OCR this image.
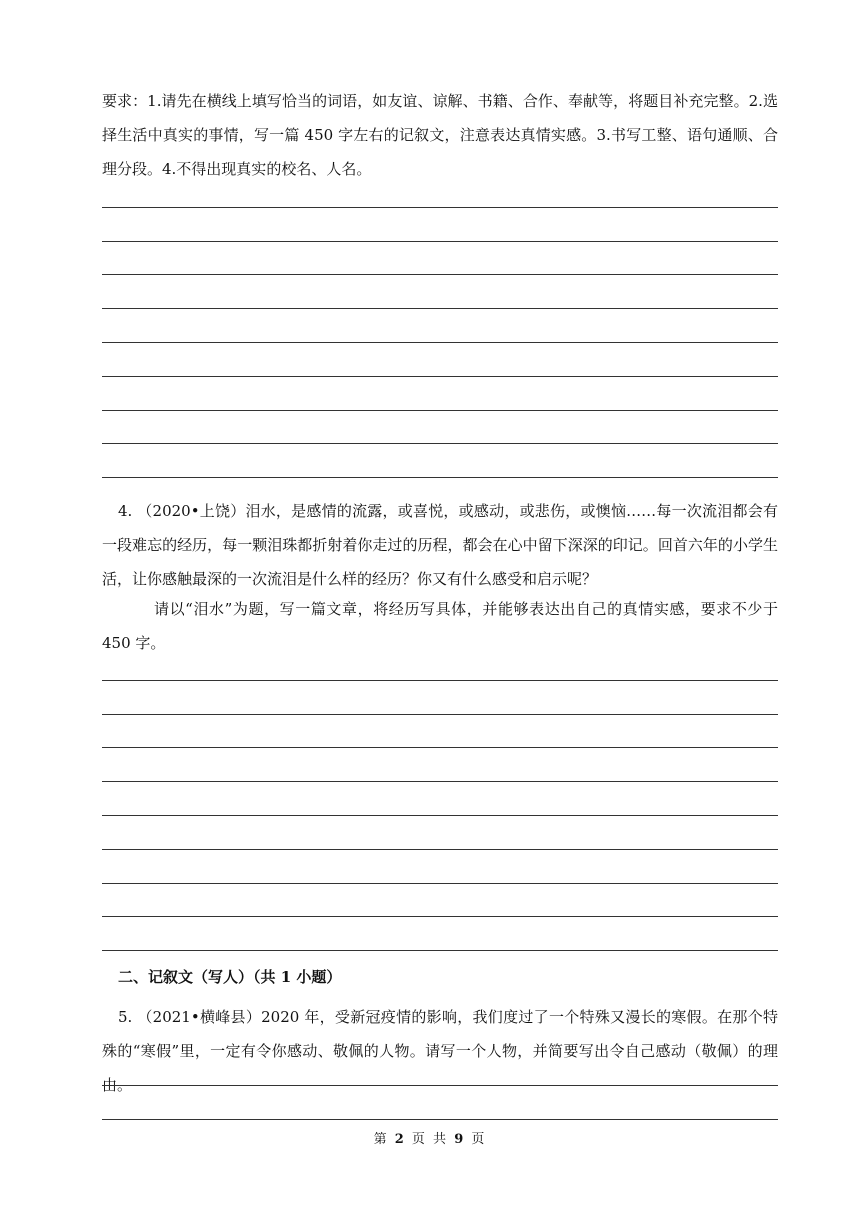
要求：1.请先在横线上填写恰当的词语，如友谊、谅解、书籍、合作、奉献等，将题目补充完整。2.选择生活中真实的事情，写一篇 450 字左右的记叙文，注意表达真情实感。3.书写工整、语句通顺、合理分段。4.不得出现真实的校名、人名。

4. （2020•上饶）泪水，是感情的流露，或喜悦，或感动，或悲伤，或懊恼……每一次流泪都会有一段难忘的经历，每一颗泪珠都折射着你走过的历程，都会在心中留下深深的印记。回首六年的小学生活，让你感触最深的一次流泪是什么样的经历？你又有什么感受和启示呢？

请以“泪水”为题，写一篇文章，将经历写具体，并能够表达出自己的真情实感，要求不少于 450 字。

二、记叙文（写人）（共 1 小题）

5. （2021•横峰县）2020 年，受新冠疫情的影响，我们度过了一个特殊又漫长的寒假。在那个特殊的“寒假”里，一定有令你感动、敬佩的人物。请写一个人物，并简要写出令自己感动（敬佩）的理由。

第 2 页 共 9 页
